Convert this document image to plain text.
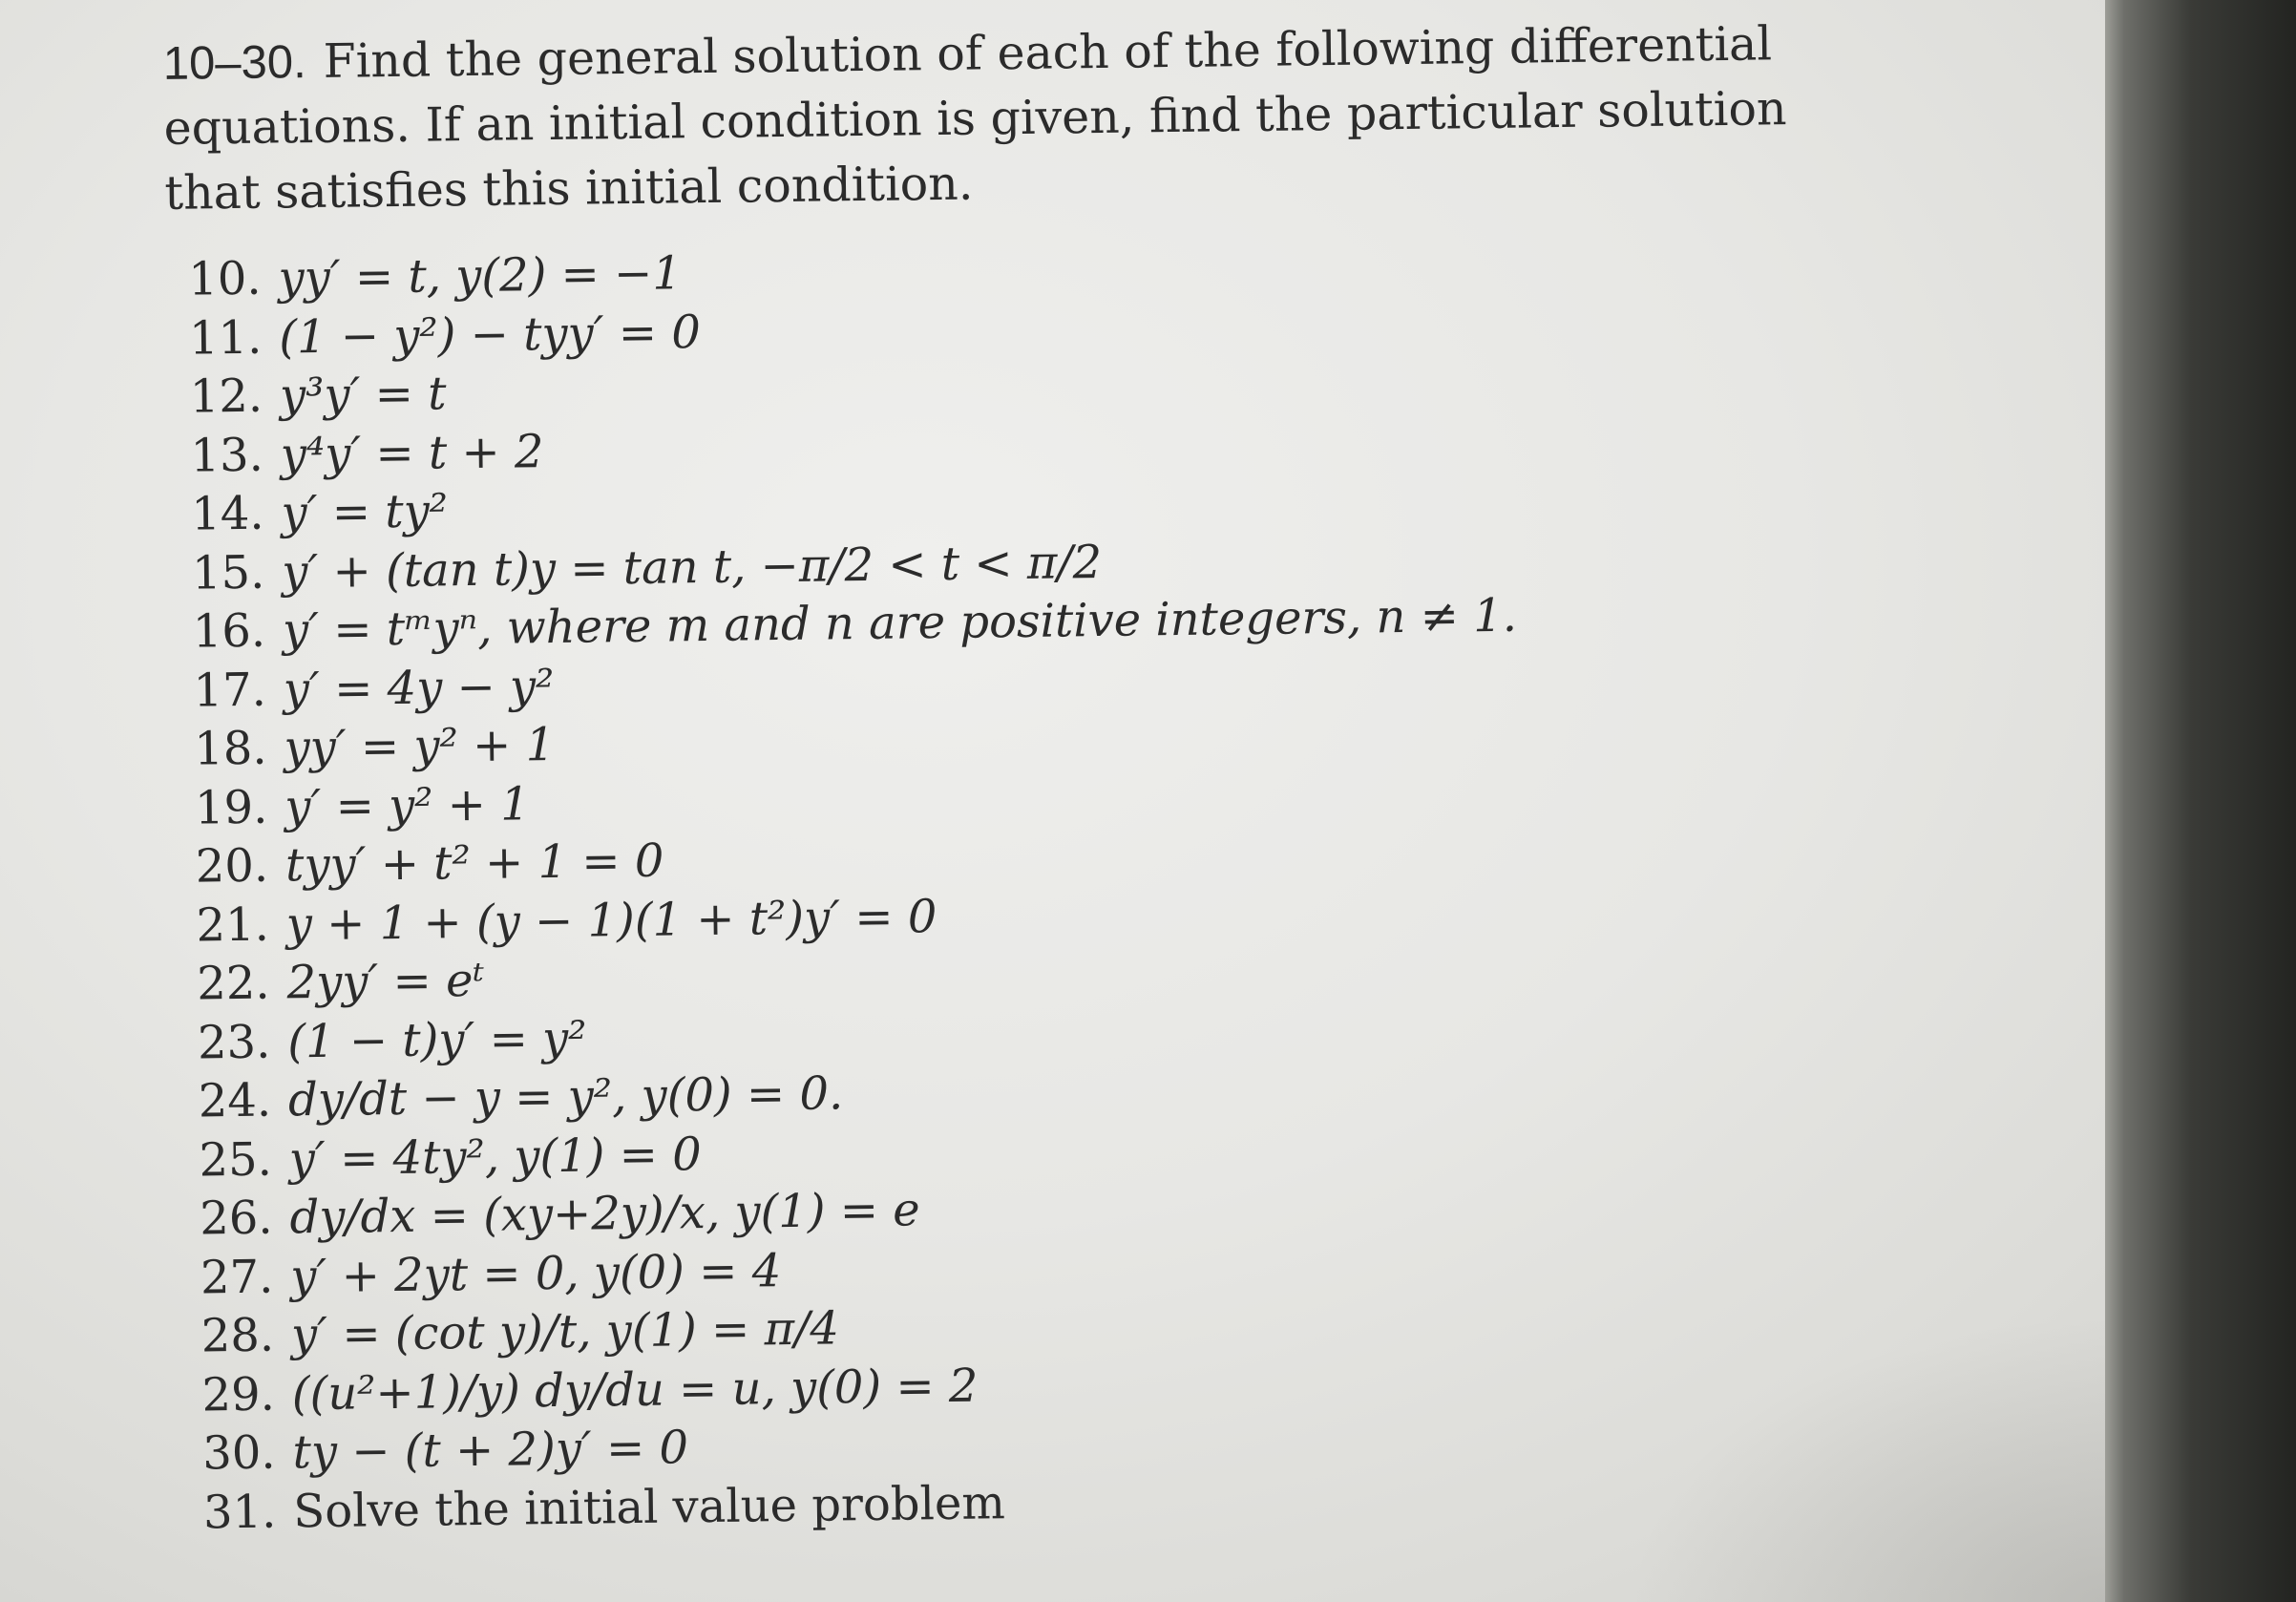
10–30. Find the general solution of each of the following differential equations. If an initial condition is given, find the particular solution that satisfies this initial condition.

10. yy′ = t, y(2) = −1
11. (1 − y²) − tyy′ = 0
12. y³y′ = t
13. y⁴y′ = t + 2
14. y′ = ty²
15. y′ + (tan t)y = tan t, −π/2 < t < π/2
16. y′ = tᵐyⁿ, where m and n are positive integers, n ≠ 1.
17. y′ = 4y − y²
18. yy′ = y² + 1
19. y′ = y² + 1
20. tyy′ + t² + 1 = 0
21. y + 1 + (y − 1)(1 + t²)y′ = 0
22. 2yy′ = eᵗ
23. (1 − t)y′ = y²
24. dy/dt − y = y², y(0) = 0.
25. y′ = 4ty², y(1) = 0
26. dy/dx = (xy+2y)/x, y(1) = e
27. y′ + 2yt = 0, y(0) = 4
28. y′ = (cot y)/t, y(1) = π/4
29. ((u²+1)/y) dy/du = u, y(0) = 2
30. ty − (t + 2)y′ = 0
31. Solve the initial value problem
